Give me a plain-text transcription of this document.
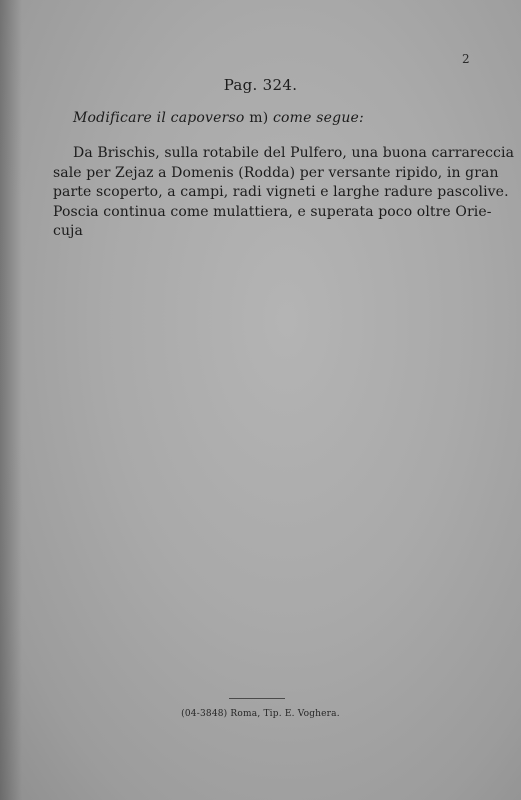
2
Pag. 324.
Modificare il capoverso m) come segue:
Da Brischis, sulla rotabile del Pulfero, una buona carrareccia
sale per Zejaz a Domenis (Rodda) per versante ripido, in gran
parte scoperto, a campi, radi vigneti e larghe radure pascolive.
Poscia continua come mulattiera, e superata poco oltre Orie-
cuja
(04-3848) Roma, Tip. E. Voghera.
